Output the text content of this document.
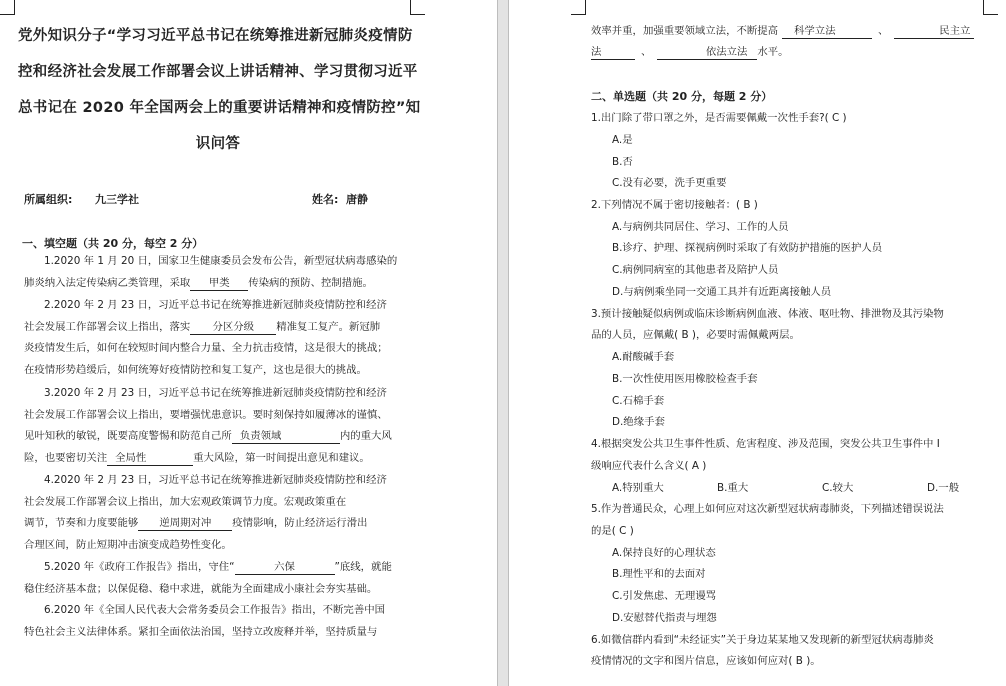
党外知识分子“学习习近平总书记在统筹推进新冠肺炎疫情防
控和经济社会发展工作部署会议上讲话精神、学习贯彻习近平
总书记在 2020 年全国两会上的重要讲话精神和疫情防控”知
识问答
所属组织: 九三学社	姓名: 唐静
一、填空题（共 20 分，每空 2 分）
1.2020 年 1 月 20 日，国家卫生健康委员会发布公告，新型冠状病毒感染的
肺炎纳入法定传染病乙类管理，采取 甲类 传染病的预防、控制措施。
2.2020 年 2 月 23 日，习近平总书记在统筹推进新冠肺炎疫情防控和经济
社会发展工作部署会议上指出，落实 分区分级 精准复工复产。新冠肺
炎疫情发生后，如何在较短时间内整合力量、全力抗击疫情，这是很大的挑战；
在疫情形势趋缓后，如何统筹好疫情防控和复工复产，这也是很大的挑战。
3.2020 年 2 月 23 日，习近平总书记在统筹推进新冠肺炎疫情防控和经济
社会发展工作部署会议上指出，要增强忧患意识。要时刻保持如履薄冰的谨慎、
见叶知秋的敏锐，既要高度警惕和防范自己所 负责领域	内的重大风
险，也要密切关注 全局性	重大风险，第一时间提出意见和建议。
4.2020 年 2 月 23 日，习近平总书记在统筹推进新冠肺炎疫情防控和经济
社会发展工作部署会议上指出，加大宏观政策调节力度。宏观政策重在
调节，节奏和力度要能够 逆周期对冲 疫情影响，防止经济运行滑出
合理区间，防止短期冲击演变成趋势性变化。
5.2020 年《政府工作报告》指出，守住“	六保	”底线，就能
稳住经济基本盘；以保促稳、稳中求进，就能为全面建成小康社会夯实基础。
6.2020 年《全国人民代表大会常务委员会工作报告》指出，不断完善中国
特色社会主义法律体系。紧扣全面依法治国，坚持立改废释并举，坚持质量与
效率并重，加强重要领域立法，不断提高 科学立法	、	民主立
法	、	依法立法 水平。
二、单选题（共 20 分，每题 2 分）
1.出门除了带口罩之外，是否需要佩戴一次性手套?( C )
A.是
B.否
C.没有必要，洗手更重要
2.下列情况不属于密切接触者：( B )
A.与病例共同居住、学习、工作的人员
B.诊疗、护理、探视病例时采取了有效防护措施的医护人员
C.病例同病室的其他患者及陪护人员
D.与病例乘坐同一交通工具并有近距离接触人员
3.预计接触疑似病例或临床诊断病例血液、体液、呕吐物、排泄物及其污染物
品的人员，应佩戴( B )，必要时需佩戴两层。
A.耐酸碱手套
B.一次性使用医用橡胶检查手套
C.石棉手套
D.绝缘手套
4.根据突发公共卫生事件性质、危害程度、涉及范围，突发公共卫生事件中 I
级响应代表什么含义( A )
A.特别重大	B.重大	C.较大	D.一般
5.作为普通民众，心理上如何应对这次新型冠状病毒肺炎，下列描述错误说法
的是( C )
A.保持良好的心理状态
B.理性平和的去面对
C.引发焦虑、无理谩骂
D.安慰替代指责与埋怨
6.如微信群内看到“未经证实”关于身边某某地又发现新的新型冠状病毒肺炎
疫情情况的文字和图片信息，应该如何应对( B )。
